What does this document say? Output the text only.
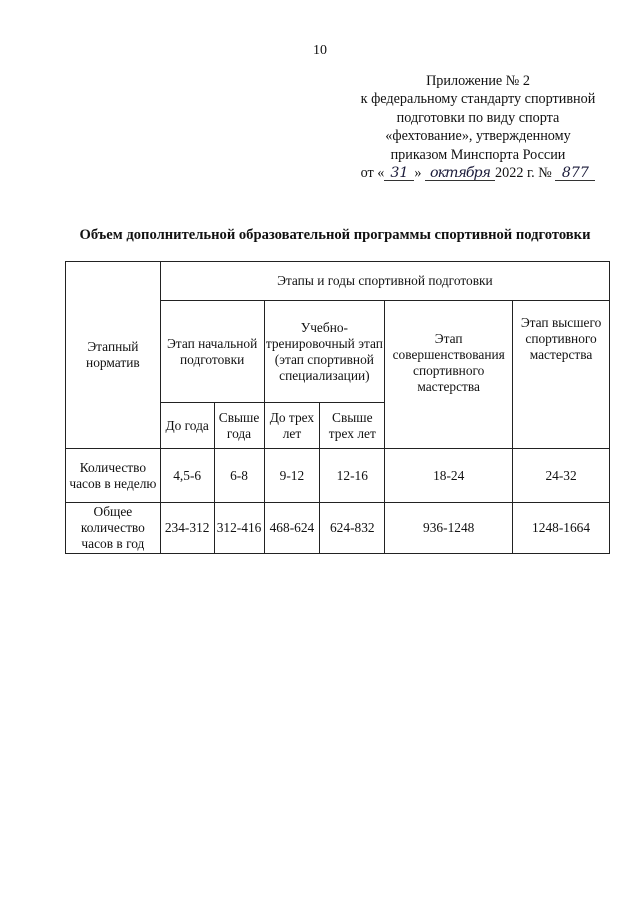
10
Приложение № 2
к федеральному стандарту спортивной
подготовки по виду спорта
«фехтование», утвержденному
приказом Минспорта России
от « 31 » октября 2022 г. № 877
Объем дополнительной образовательной программы спортивной подготовки
Этапный норматив	Этапы и годы спортивной подготовки					
	Этап начальной подготовки		Учебно-тренировочный этап (этап спортивной специализации)		Этап совершенствования спортивного мастерства	Этап высшего спортивного мастерства
	До года	Свыше года	До трех лет	Свыше трех лет		
Количество часов в неделю	4,5-6	6-8	9-12	12-16	18-24	24-32
Общее количество часов в год	234-312	312-416	468-624	624-832	936-1248	1248-1664
